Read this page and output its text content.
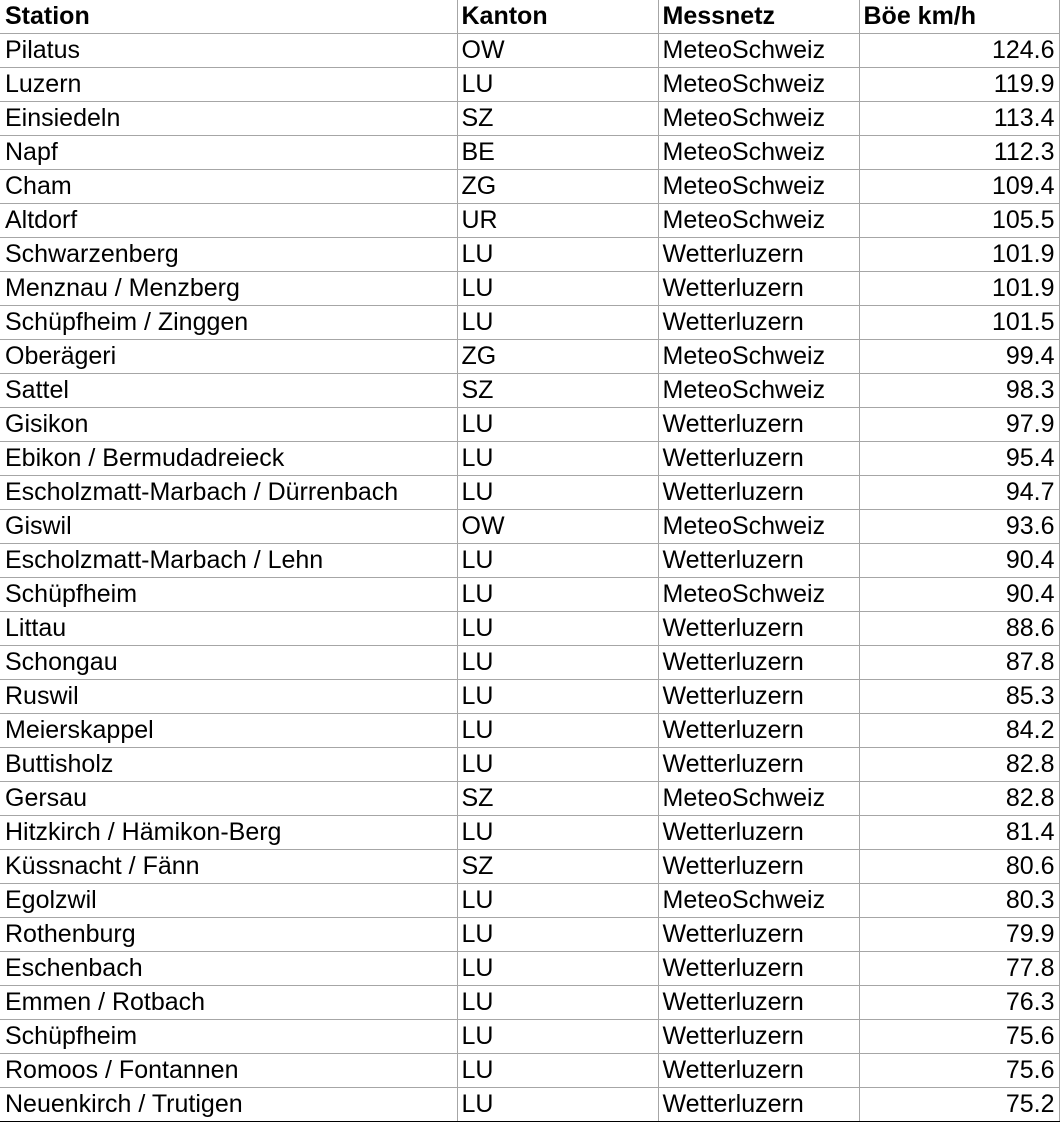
Station	Kanton	Messnetz	Böe km/h
Pilatus	OW	MeteoSchweiz	124.6
Luzern	LU	MeteoSchweiz	119.9
Einsiedeln	SZ	MeteoSchweiz	113.4
Napf	BE	MeteoSchweiz	112.3
Cham	ZG	MeteoSchweiz	109.4
Altdorf	UR	MeteoSchweiz	105.5
Schwarzenberg	LU	Wetterluzern	101.9
Menznau / Menzberg	LU	Wetterluzern	101.9
Schüpfheim / Zinggen	LU	Wetterluzern	101.5
Oberägeri	ZG	MeteoSchweiz	99.4
Sattel	SZ	MeteoSchweiz	98.3
Gisikon	LU	Wetterluzern	97.9
Ebikon / Bermudadreieck	LU	Wetterluzern	95.4
Escholzmatt-Marbach / Dürrenbach	LU	Wetterluzern	94.7
Giswil	OW	MeteoSchweiz	93.6
Escholzmatt-Marbach / Lehn	LU	Wetterluzern	90.4
Schüpfheim	LU	MeteoSchweiz	90.4
Littau	LU	Wetterluzern	88.6
Schongau	LU	Wetterluzern	87.8
Ruswil	LU	Wetterluzern	85.3
Meierskappel	LU	Wetterluzern	84.2
Buttisholz	LU	Wetterluzern	82.8
Gersau	SZ	MeteoSchweiz	82.8
Hitzkirch / Hämikon-Berg	LU	Wetterluzern	81.4
Küssnacht / Fänn	SZ	Wetterluzern	80.6
Egolzwil	LU	MeteoSchweiz	80.3
Rothenburg	LU	Wetterluzern	79.9
Eschenbach	LU	Wetterluzern	77.8
Emmen / Rotbach	LU	Wetterluzern	76.3
Schüpfheim	LU	Wetterluzern	75.6
Romoos / Fontannen	LU	Wetterluzern	75.6
Neuenkirch / Trutigen	LU	Wetterluzern	75.2
